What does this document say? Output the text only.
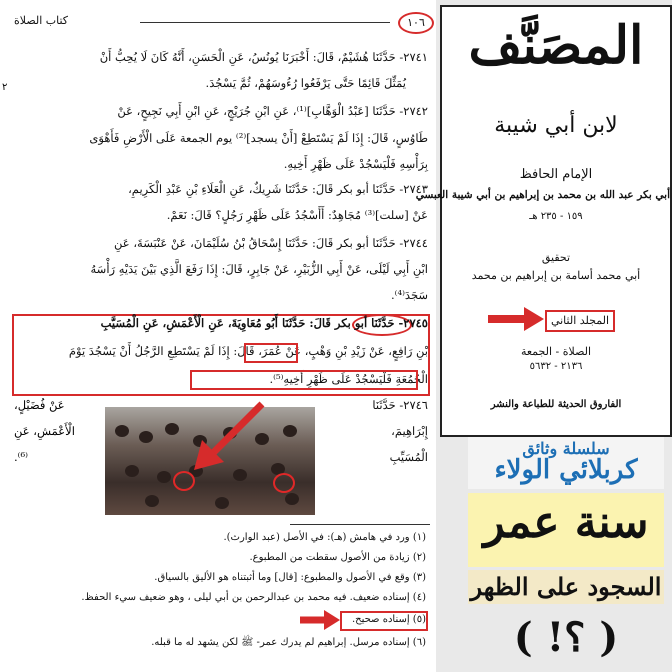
١٠٦
كتاب الصلاة
٢٧٤١- حَدَّثَنَا هُشَيْمٌ، قَالَ: أَخْبَرَنَا يُونُسُ، عَنِ الْحَسَنِ، أَنَّهُ كَانَ لَا يُحِبُّ أَنْ
يُمَثِّلَ قَائِمًا حَتَّى يَرْفَعُوا رُءُوسَهُمْ، ثُمَّ يَسْجُدَ.
٢
٢٧٤٢- حَدَّثَنَا [عَبْدُ الْوَهَّابِ]⁽¹⁾، عَنِ ابْنِ جُرَيْجٍ، عَنِ ابْنِ أَبِي نَجِيحٍ، عَنْ
طَاوُسٍ، قَالَ: إِذَا لَمْ يَسْتَطِعْ [أَنْ يسجد]⁽²⁾ يوم الجمعة عَلَى الْأَرْضِ فَأَهْوَى
بِرَأْسِهِ فَلْيَسْجُدْ عَلَى ظَهْرِ أَخِيهِ.
٢٧٤٣- حَدَّثَنَا أبو بكر قَالَ: حَدَّثَنَا شَرِيكٌ، عَنِ الْعَلَاءِ بْنِ عَبْدِ الْكَرِيمِ،
عَنْ [سلت]⁽³⁾ مُجَاهِدٌ: أَأَسْجُدُ عَلَى ظَهْرِ رَجُلٍ؟ قَالَ: نَعَمْ.
٢٧٤٤- حَدَّثَنَا أبو بكر قَالَ: حَدَّثَنَا إِسْحَاقُ بْنُ سُلَيْمَانَ، عَنْ عَنْبَسَةَ، عَنِ
ابْنِ أَبِي لَيْلَى، عَنْ أَبِي الزُّبَيْرِ، عَنْ جَابِرٍ، قَالَ: إِذَا رَفَعَ الَّذِي بَيْنَ يَدَيْهِ رَأْسَهُ
سَجَدَ⁽⁴⁾.
٢٧٤٥- حَدَّثَنَا أبو بكر قَالَ: حَدَّثَنَا أَبُو مُعَاوِيَةَ، عَنِ الْأَعْمَشِ، عَنِ الْمُسَيَّبِ
بْنِ رَافِعٍ، عَنْ زَيْدِ بْنِ وَهْبٍ، عَنْ عُمَرَ، قَالَ: إِذَا لَمْ يَسْتَطِعِ الرَّجُلُ أَنْ يَسْجُدَ يَوْمَ
الْجُمُعَةِ فَلْيَسْجُدْ عَلَى ظَهْرِ أَخِيهِ⁽⁵⁾.
٢٧٤٦- حَدَّثَنَا
عَنْ فُضَيْلٍ،
إِبْرَاهِيمَ،
الْأَعْمَشِ، عَنِ
الْمُسَيِّبِ
⁽⁶⁾.
(١) ورد في هامش (هـ): في الأصل (عبد الوارث).
(٢) زيادة من الأصول سقطت من المطبوع.
(٣) وقع في الأصول والمطبوع: [قال] وما أثبتناه هو الأليق بالسياق.
(٤) إسناده ضعيف. فيه محمد بن عبدالرحمن بن أبي ليلى ، وهو ضعيف سيء الحفظ.
(٥) إسناده صحيح.
(٦) إسناده مرسل. إبراهيم لم يدرك عمر- ﷺ لكن يشهد له ما قبله.
المصَنَّف
لابن أبي شيبة
الإمام الحافظ
أبي بكر عبد الله بن محمد بن إبراهيم بن أبي شيبة العبسي
١٥٩ - ٢٣٥ هـ
تحقيق
أبي محمد أسامة بن إبراهيم بن محمد
الصلاة - الجمعة
٢١٣٦ - ٥٦٣٢
الفاروق الحديثة للطباعة والنشر
المجلد الثاني
سلسلة وثائق
كربلائي الولاء
سنة عمر
السجود على الظهر
( !؟ )
